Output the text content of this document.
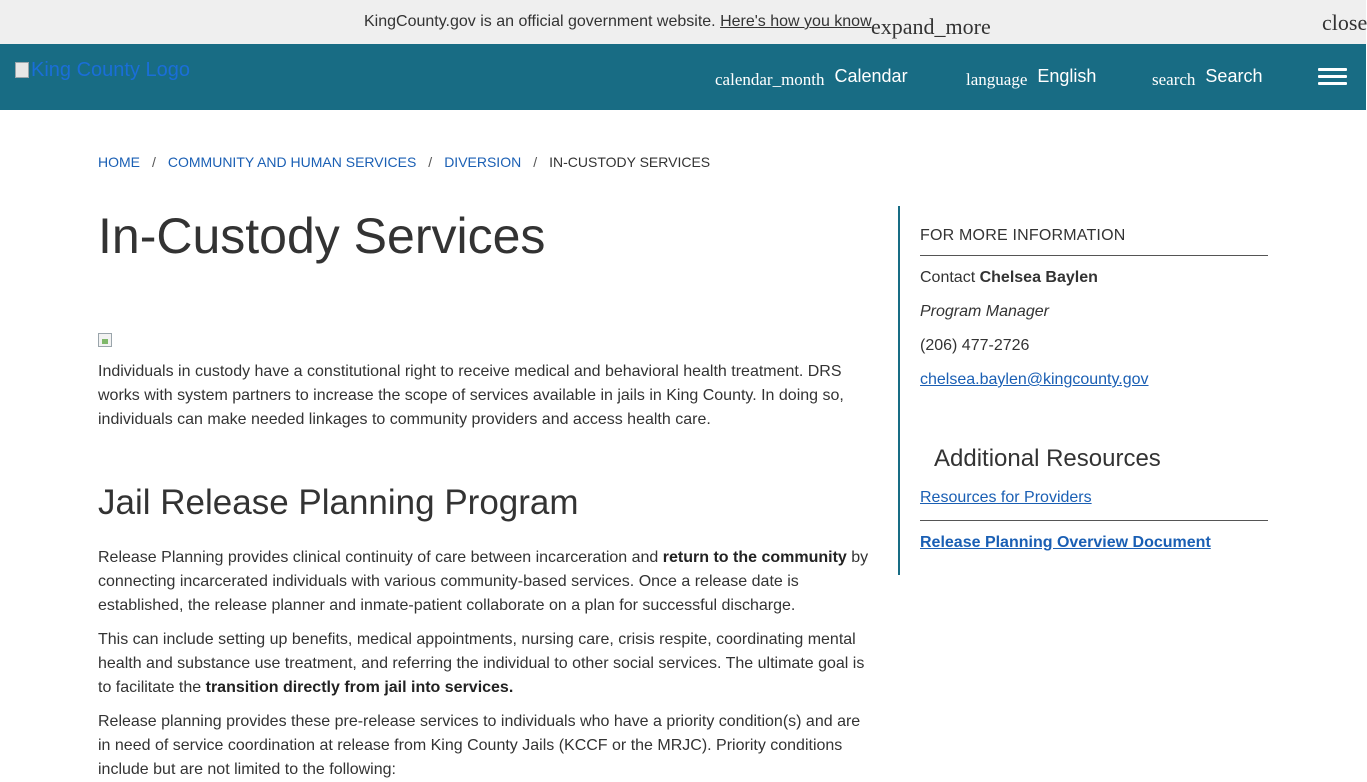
KingCounty.gov is an official government website. Here's how you know expand_more	close
King County Logo	calendar_month Calendar	language English	search Search
HOME / COMMUNITY AND HUMAN SERVICES / DIVERSION / IN-CUSTODY SERVICES
In-Custody Services

Individuals in custody have a constitutional right to receive medical and behavioral health treatment. DRS works with system partners to increase the scope of services available in jails in King County. In doing so, individuals can make needed linkages to community providers and access health care.

Jail Release Planning Program

Release Planning provides clinical continuity of care between incarceration and return to the community by connecting incarcerated individuals with various community-based services. Once a release date is established, the release planner and inmate-patient collaborate on a plan for successful discharge.

This can include setting up benefits, medical appointments, nursing care, crisis respite, coordinating mental health and substance use treatment, and referring the individual to other social services. The ultimate goal is to facilitate the transition directly from jail into services.

Release planning provides these pre-release services to individuals who have a priority condition(s) and are in need of service coordination at release from King County Jails (KCCF or the MRJC). Priority conditions include but are not limited to the following:

FOR MORE INFORMATION
Contact Chelsea Baylen
Program Manager
(206) 477-2726
chelsea.baylen@kingcounty.gov
Additional Resources
Resources for Providers
Release Planning Overview Document
